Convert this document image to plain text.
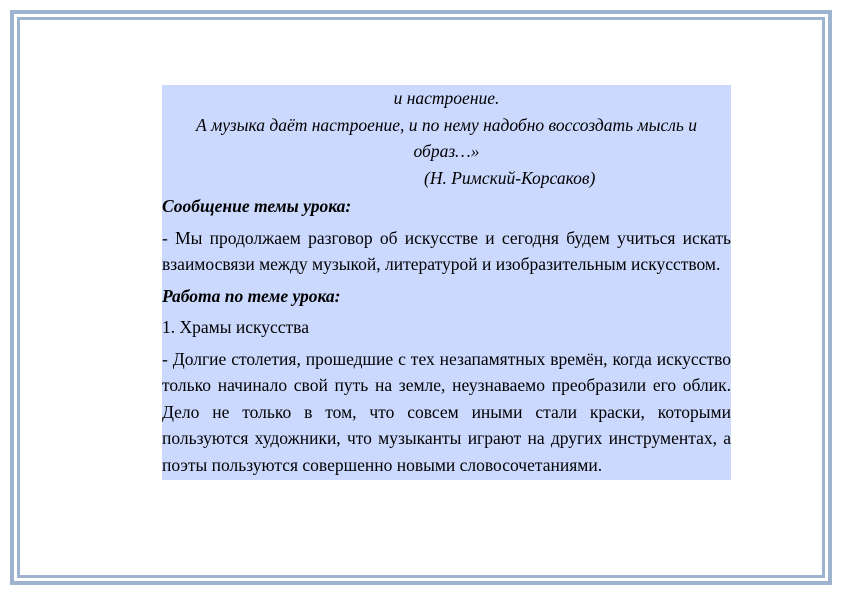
и настроение.
А музыка даёт настроение, и по нему надобно воссоздать мысль и образ…»
(Н. Римский-Корсаков)
Сообщение темы урока:
- Мы продолжаем разговор об искусстве и сегодня будем учиться искать взаимосвязи между музыкой, литературой и изобразительным искусством.
Работа по теме урока:
1. Храмы искусства
- Долгие столетия, прошедшие с тех незапамятных времён, когда искусство только начинало свой путь на земле, неузнаваемо преобразили его облик. Дело не только в том, что совсем иными стали краски, которыми пользуются художники, что музыканты играют на других инструментах, а поэты пользуются совершенно новыми словосочетаниями.
